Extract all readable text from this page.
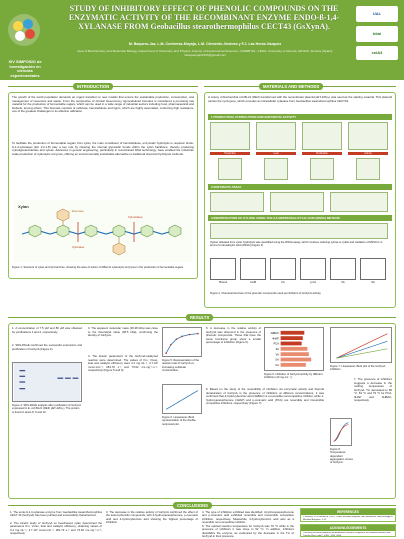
XIV SIMPOSIO de investigación en ciencias experimentales
STUDY OF INHIBITORY EFFECT OF PHENOLIC COMPOUNDS ON THE ENZYMATIC ACTIVITY OF THE RECOMBINANT ENZYME ENDO-ß-1,4-XYLANASE FROM Geobacillus stearothermophilus CECT43 (GsXynA).
M. Baquero-Jaz, L.M. Contreras-Moyaja, L.M. Clemente-Jiménez y F.J. Las Heras-Vázquez
Area of Biochemistry and Molecular Biology, Department of Chemistry and Physics, Faculty of Experimental Sciences. CIAMBITAL, CEIA3. University of Almería, E04120, Almería (Spain); mbaquerojaz1815@gmail.com
UAL
bital
ceiA3
INTRODUCTION
The growth of the world population demands an urgent transition to new models that ensure the sustainable production, consumption, and management of resources and waste. From the perspective of circular bioeconomy, lignocellulosic biomass is considered a promising raw material for the production of fermentable sugars, which can be used in a wide range of industrial sectors including food, pharmaceutical and biofuels, among others. This biomass consists of cellulose, hemicellulose and lignin, which are highly associated, conferring high resistance, one of the greatest challenges to its effective utilization.
To facilitate the production of fermentable sugars from xylan, the main constituent of hemicellulose, enzymatic hydrolysis is required. Endo-ß-1,4-xylanases (EC 3.2.1.8) play a key role by cleaving the internal glycosidic bonds within the xylan backbone, thereby producing xylooligosaccharides and xylose. Advances in genetic engineering, particularly in recombinant DNA technology, have enabled the industrial-scale production of xylanolytic enzymes, offering an environmentally sustainable alternative to traditional chemical hydrolysis methods.
Xylan
Xylanase
Xylosidase
Esterase
Figure 1. Structure of xylan and its branches, showing the sites of action of different xylanolytic enzymes in the production of fermentable sugars.
MATERIALS AND METHODS
A colony of Escherichia coli BL21 (DE3) transformed with the recombinant plasmid pET-22b(+) was used as the starting material. This plasmid carries the xynA gene, which encodes an intracellular xylanase from Geobacillus stearothermophilus CECT43.
1 PRODUCTION, PURIFICATION AND ENZYMATIC ACTIVITY
Production	Lysis	Purification	Activity
2 ENZYMATIC ASSAY
3 IDENTIFICATION OF XYLOSE USING THE 3,5-DINITROSALICYLIC ACID (DNSA) METHOD
Xylose released from xylan hydrolysis was quantified using the DNSA assay, which involves reducing xylose to xylitol and oxidation of DNSA to 3-amino-5-nitrosalicylic acid (ANSA) (Figure 3).
Phenol	4-HB	FA	p-CA	VA	SA
Figure 2. Chemical structure of the phenolic compounds used as inhibitors of GsXynA activity.
RESULTS
1. A concentration of 7.5 µM and 80 µM was obtained for purifications 1 and 2, respectively.
2. SDS-PAGE confirmed the successful expression and purification of GsXynA (Figure 4).
Figure 4. SDS-PAGE analysis after purification of GsXynA expressed in E. coli BL21 (DE3) pET-22b(+). The protein is found in lanes 8, 9 and 10.
3. The apparent molecular mass (39.28 kDa) was close to the theoretical value (38.5 kDa), confirming the identity of GsXynA.
4. The kinetic parameters of the GsXynA-catalyzed reaction were determined. The values of Km, Vmax, kcat and catalytic efficiency were 3.4 mg·mL⁻¹, 4.7·10³ mmol·min⁻¹, 281.79 s⁻¹ and 73.62 mL·mg⁻¹·s⁻¹, respectively (Figure 5 and 6).
Figure 5. Representation of the reaction rate of GsXynA vs. increasing substrate concentration.
Figure 6. Lineweaver–Burk representation of the double-reciprocal plot.
5. A decrease in the relative activity of GsXynA was observed in the presence of phenolic compounds. Those that have the same functional group show a similar percentage of inhibition (Figure 6).
4HBAC
4HAP
PCA
FA
VA
SA
CA
Figure 6. Inhibition of GsXynA activity by different inhibitors (10 mg·mL⁻¹).
6. Based on the study of the reversibility of inhibition via enzymatic activity and thermal denaturation of GsXynA in the presence of inhibitors at different concentrations, it was confirmed that 4-hydroxybenzoic acid (4HBAC) is a reversible noncompetitive inhibitor, while 4-hydroxyacetophenone (4HAP) and p-coumaric acid (PCA) are reversible and irreversible competitive inhibitors, respectively (Figure 7).
Figure 7. Lineweaver–Burk plot of the GsXynA inhibition.
7. The presence of inhibitors suggests a decrease in the melting temperature of GsXynA. Tm decreased to 80 °C, 81 °C and 79 °C for PCA, 4HAP and 4HBAC, respectively.
Figure 8. Temperature-dependent aggregation curves of GsXynA.
CONCLUSIONS
1. The endo-ß-1,4-xylanase enzyme from Geobacillus stearothermophilus CECT 43 (GsXynA) has been purified and successfully characterized.
2. The kinetic study of GsXynA on beechwood xylan determined the parameters Km, Vmax, kcat and catalytic efficiency, obtaining values of 3.4 mg·mL⁻¹, 4.7·10³ mmol·min⁻¹, 281.79 s⁻¹ and 73.62 mL·mg⁻¹·s⁻¹, respectively.
3. The decrease in the relative activity of GsXynA confirmed the effect of the tested phenolic compounds, with 4-hydroxyacetophenone, p-coumaric acid and 4-hydroxybenzoic acid showing the highest percentage of inhibition.
4. The type of inhibition exhibited was identified: 4-hydroxyacetophenone and p-coumaric acid exhibited reversible and irreversible competitive inhibition, respectively. Meanwhile, 4-hydroxybenzoic acid acts as a reversible non-competitive inhibitor.
5. The optimal reaction temperature for GsXynA was 70 °C while in the presence of inhibitors it was close to 52 °C. In addition, inhibitors destabilize the enzyme, as evidenced by the decrease in the Tm of GsXynA in their presence.
REFERENCES
1 Sánchez, S. & Demain, A. (2017). Useful microbial enzymes—An introduction. Biotechnology of Microbial Enzymes, 1–11.
ACKNOWLEDGEMENTS
This work has been funded by the Andalusian Research Program of the National Research and Transfer Plan, code P_ESPL_2024_0000.
